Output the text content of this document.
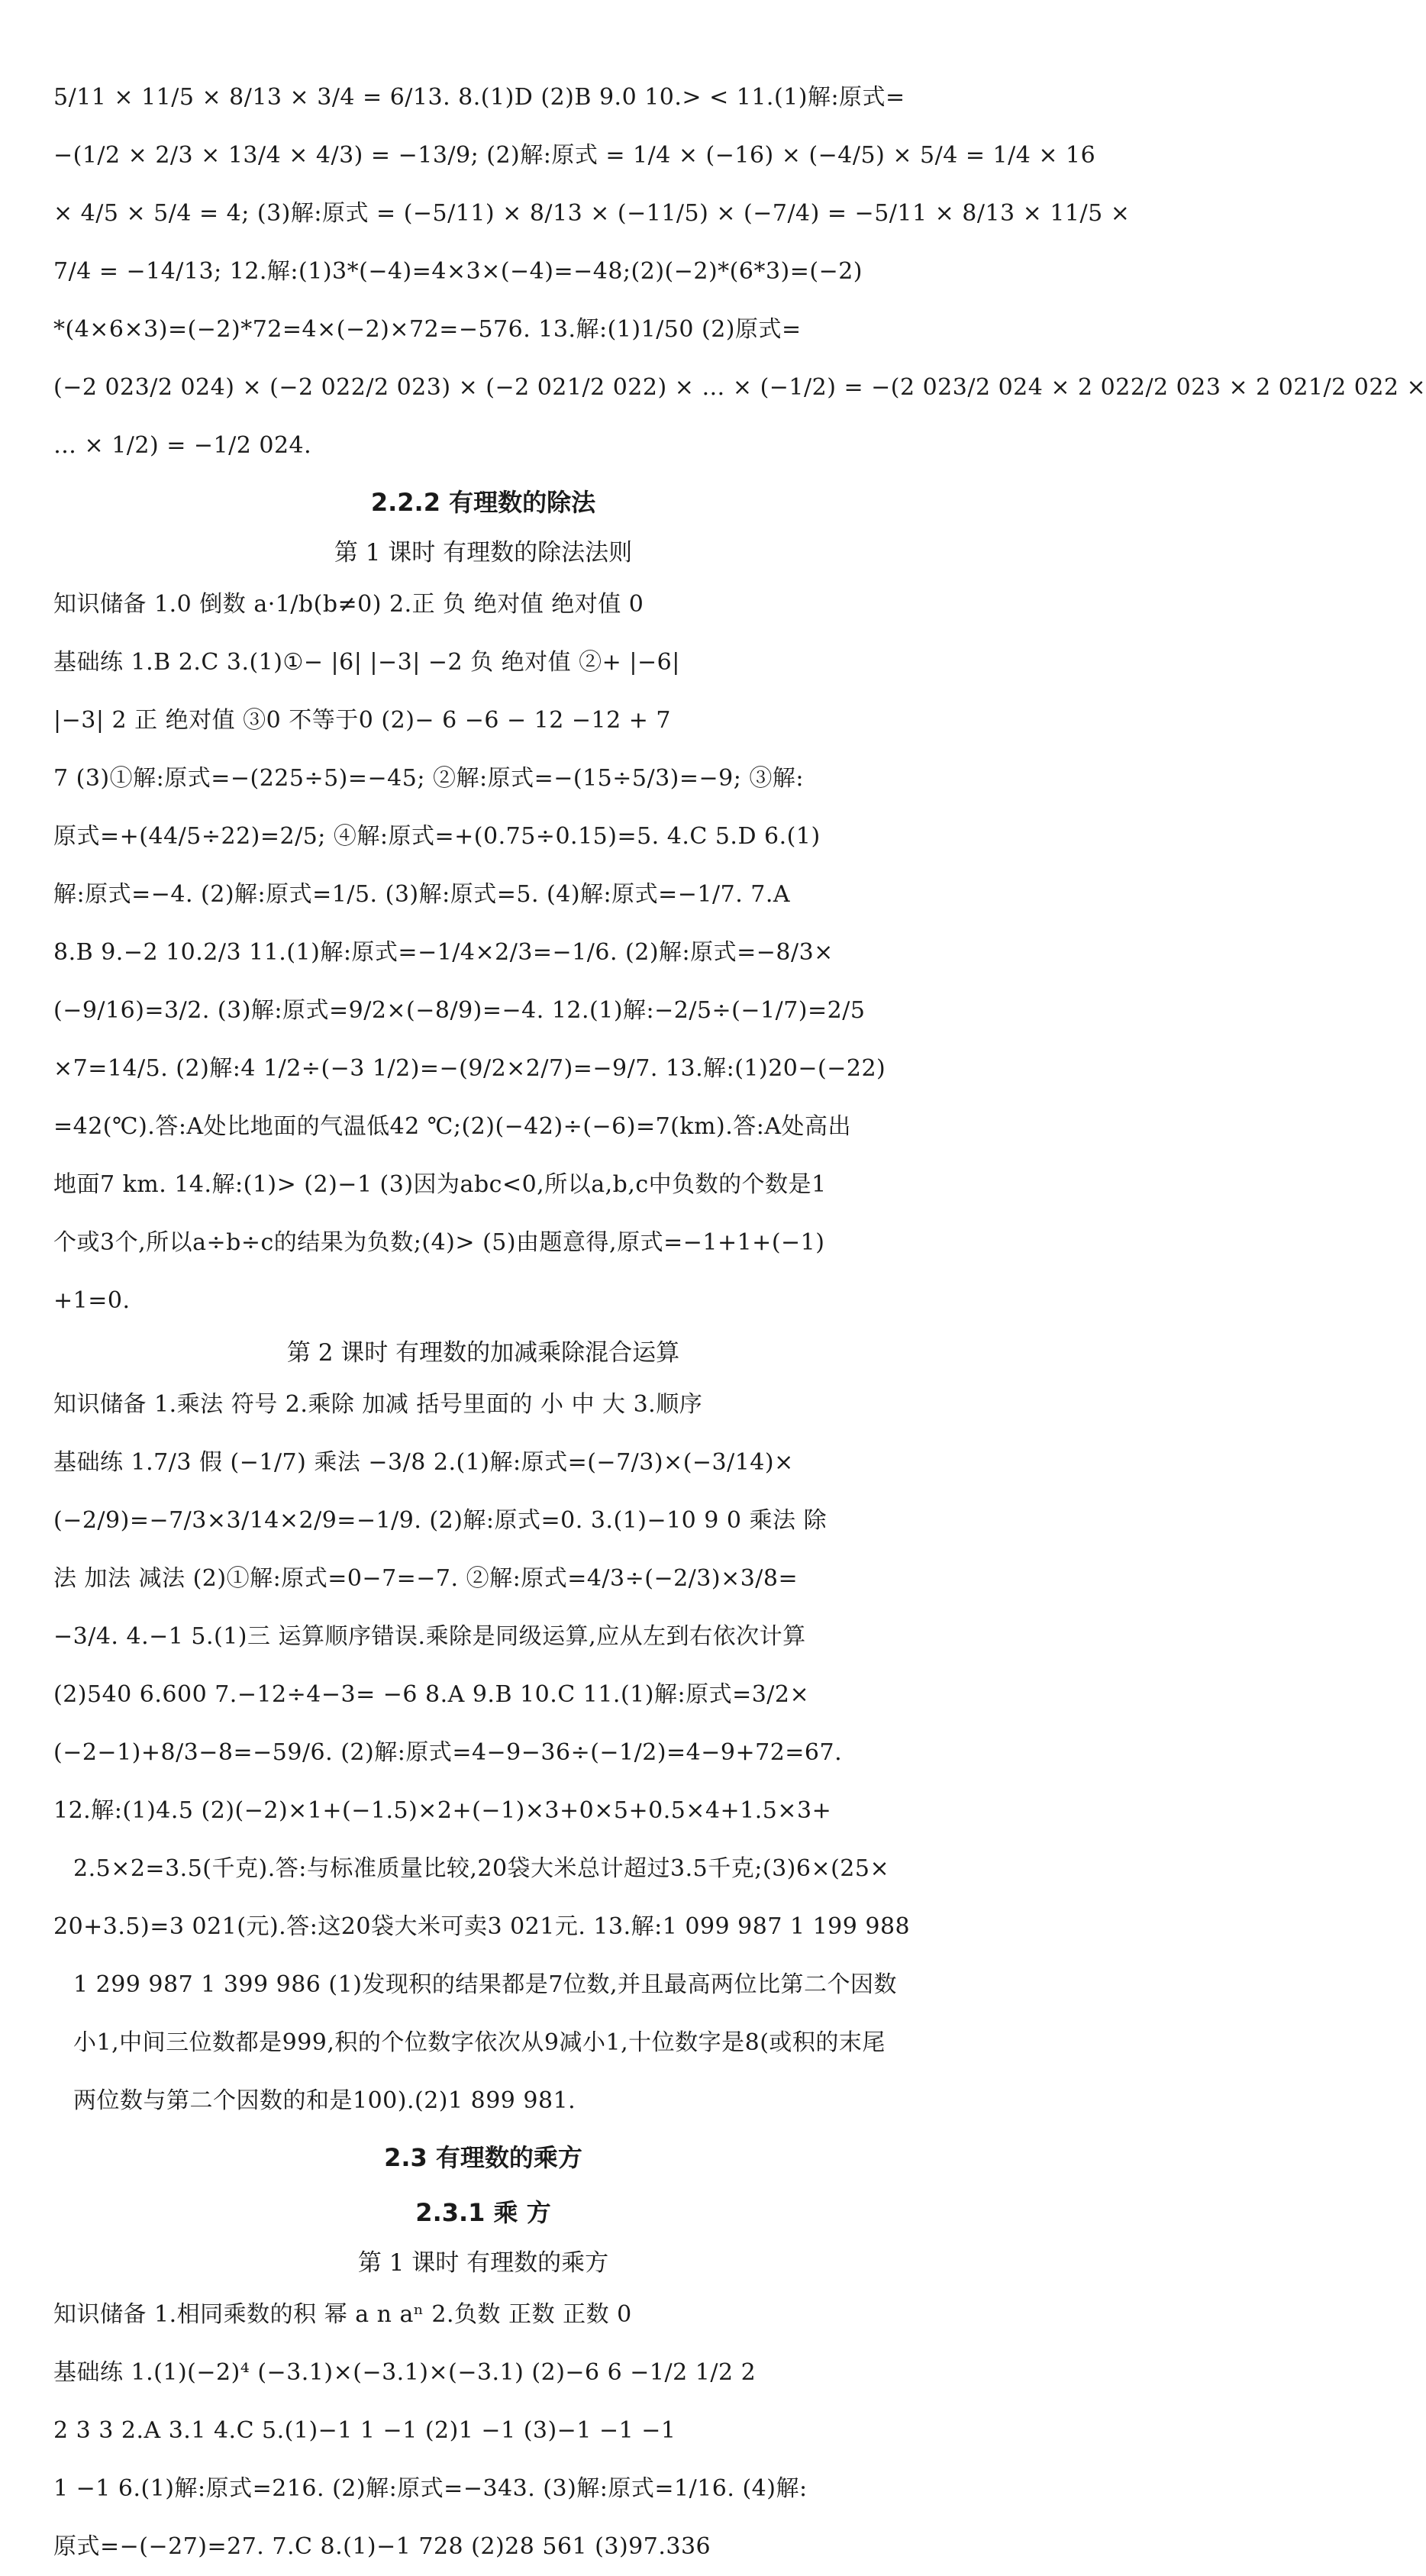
5/11 × 11/5 × 8/13 × 3/4 = 6/13. 8.(1)D (2)B 9.0 10.> < 11.(1)解:原式=
−(1/2 × 2/3 × 13/4 × 4/3) = −13/9; (2)解:原式 = 1/4 × (−16) × (−4/5) × 5/4 = 1/4 × 16
× 4/5 × 5/4 = 4; (3)解:原式 = (−5/11) × 8/13 × (−11/5) × (−7/4) = −5/11 × 8/13 × 11/5 ×
7/4 = −14/13; 12.解:(1)3*(−4)=4×3×(−4)=−48;(2)(−2)*(6*3)=(−2)
*(4×6×3)=(−2)*72=4×(−2)×72=−576. 13.解:(1)1/50 (2)原式=
(−2 023/2 024) × (−2 022/2 023) × (−2 021/2 022) × … × (−1/2) = −(2 023/2 024 × 2 022/2 023 × 2 021/2 022 ×
… × 1/2) = −1/2 024.
2.2.2 有理数的除法
第 1 课时 有理数的除法法则
知识储备 1.0 倒数 a·1/b(b≠0) 2.正 负 绝对值 绝对值 0
基础练 1.B 2.C 3.(1)①− |6| |−3| −2 负 绝对值 ②+ |−6|
|−3| 2 正 绝对值 ③0 不等于0 (2)− 6 −6 − 12 −12 + 7
7 (3)①解:原式=−(225÷5)=−45; ②解:原式=−(15÷5/3)=−9; ③解:
原式=+(44/5÷22)=2/5; ④解:原式=+(0.75÷0.15)=5. 4.C 5.D 6.(1)
解:原式=−4. (2)解:原式=1/5. (3)解:原式=5. (4)解:原式=−1/7. 7.A
8.B 9.−2 10.2/3 11.(1)解:原式=−1/4×2/3=−1/6. (2)解:原式=−8/3×
(−9/16)=3/2. (3)解:原式=9/2×(−8/9)=−4. 12.(1)解:−2/5÷(−1/7)=2/5
×7=14/5. (2)解:4 1/2÷(−3 1/2)=−(9/2×2/7)=−9/7. 13.解:(1)20−(−22)
=42(℃).答:A处比地面的气温低42 ℃;(2)(−42)÷(−6)=7(km).答:A处高出
地面7 km. 14.解:(1)> (2)−1 (3)因为abc<0,所以a,b,c中负数的个数是1
个或3个,所以a÷b÷c的结果为负数;(4)> (5)由题意得,原式=−1+1+(−1)
+1=0.
第 2 课时 有理数的加减乘除混合运算
知识储备 1.乘法 符号 2.乘除 加减 括号里面的 小 中 大 3.顺序
基础练 1.7/3 假 (−1/7) 乘法 −3/8 2.(1)解:原式=(−7/3)×(−3/14)×
(−2/9)=−7/3×3/14×2/9=−1/9. (2)解:原式=0. 3.(1)−10 9 0 乘法 除
法 加法 减法 (2)①解:原式=0−7=−7. ②解:原式=4/3÷(−2/3)×3/8=
−3/4. 4.−1 5.(1)三 运算顺序错误.乘除是同级运算,应从左到右依次计算
(2)540 6.600 7.−12÷4−3= −6 8.A 9.B 10.C 11.(1)解:原式=3/2×
(−2−1)+8/3−8=−59/6. (2)解:原式=4−9−36÷(−1/2)=4−9+72=67.
12.解:(1)4.5 (2)(−2)×1+(−1.5)×2+(−1)×3+0×5+0.5×4+1.5×3+
2.5×2=3.5(千克).答:与标准质量比较,20袋大米总计超过3.5千克;(3)6×(25×
20+3.5)=3 021(元).答:这20袋大米可卖3 021元. 13.解:1 099 987 1 199 988
1 299 987 1 399 986 (1)发现积的结果都是7位数,并且最高两位比第二个因数
小1,中间三位数都是999,积的个位数字依次从9减小1,十位数字是8(或积的末尾
两位数与第二个因数的和是100).(2)1 899 981.
2.3 有理数的乘方
2.3.1 乘 方
第 1 课时 有理数的乘方
知识储备 1.相同乘数的积 幂 a n aⁿ 2.负数 正数 正数 0
基础练 1.(1)(−2)⁴ (−3.1)×(−3.1)×(−3.1) (2)−6 6 −1/2 1/2 2
2 3 3 2.A 3.1 4.C 5.(1)−1 1 −1 (2)1 −1 (3)−1 −1 −1
1 −1 6.(1)解:原式=216. (2)解:原式=−343. (3)解:原式=1/16. (4)解:
原式=−(−27)=27. 7.C 8.(1)−1 728 (2)28 561 (3)97.336
